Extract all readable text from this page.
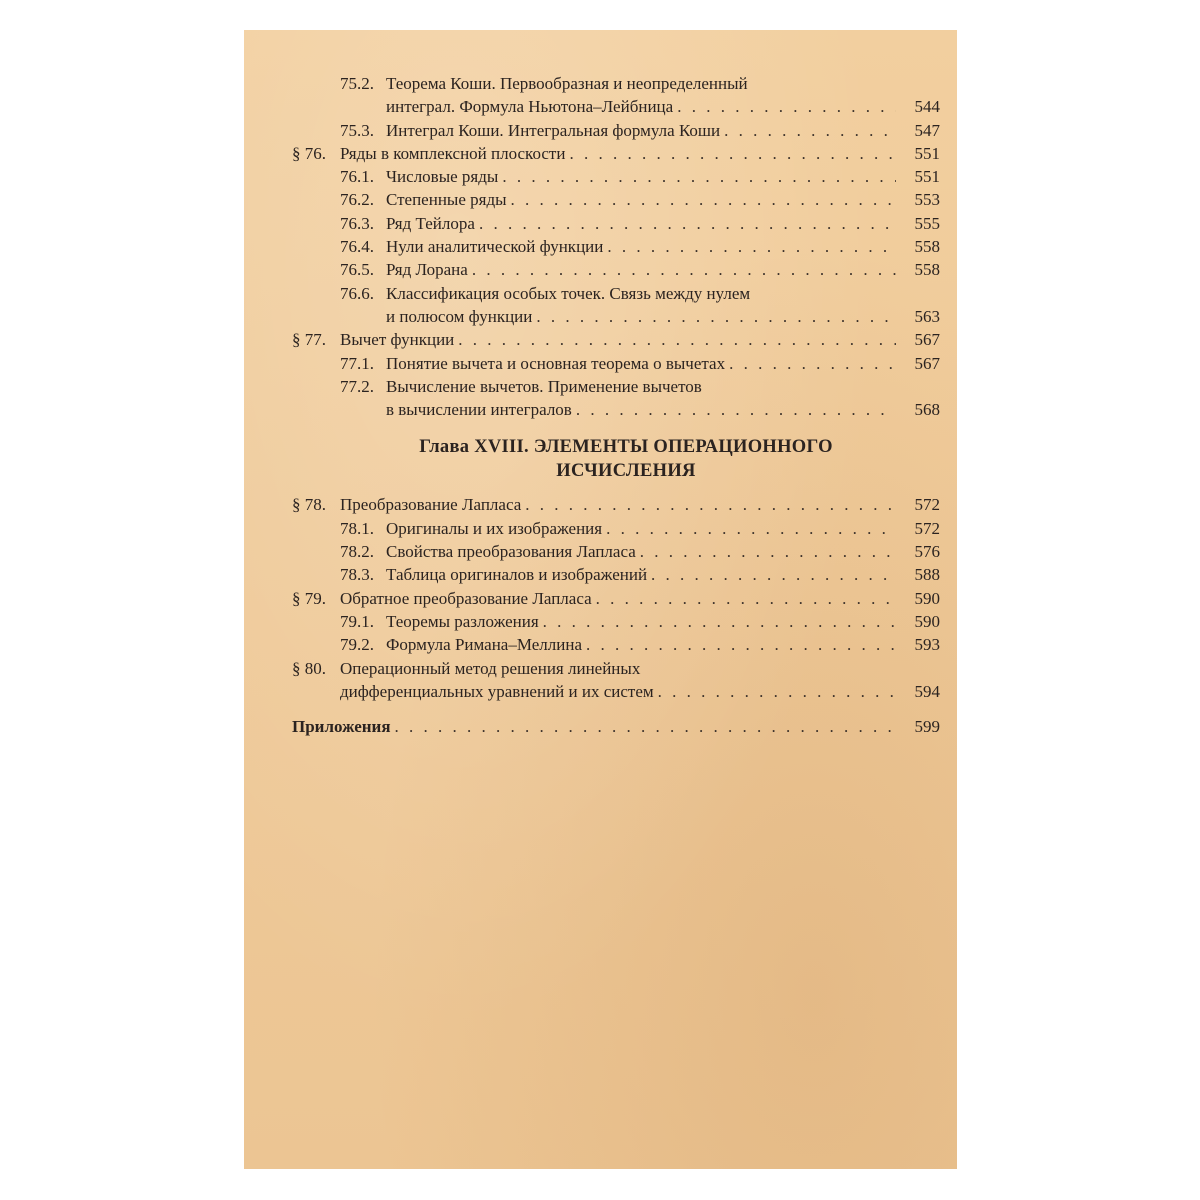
75.2. Теорема Коши. Первообразная и неопределенный
интеграл. Формула Ньютона–Лейбница . . .	544
75.3. Интеграл Коши. Интегральная формула Коши . . .	547
§ 76. Ряды в комплексной плоскости . . .	551
76.1. Числовые ряды . . .	551
76.2. Степенные ряды . . .	553
76.3. Ряд Тейлора . . .	555
76.4. Нули аналитической функции . . .	558
76.5. Ряд Лорана . . .	558
76.6. Классификация особых точек. Связь между нулем
и полюсом функции . . .	563
§ 77. Вычет функции . . .	567
77.1. Понятие вычета и основная теорема о вычетах . . .	567
77.2. Вычисление вычетов. Применение вычетов
в вычислении интегралов . . .	568
Глава XVIII. ЭЛЕМЕНТЫ ОПЕРАЦИОННОГО
ИСЧИСЛЕНИЯ
§ 78. Преобразование Лапласа . . .	572
78.1. Оригиналы и их изображения . . .	572
78.2. Свойства преобразования Лапласа . . .	576
78.3. Таблица оригиналов и изображений . . .	588
§ 79. Обратное преобразование Лапласа . . .	590
79.1. Теоремы разложения . . .	590
79.2. Формула Римана–Меллина . . .	593
§ 80. Операционный метод решения линейных
дифференциальных уравнений и их систем . . .	594
Приложения . . .	599
